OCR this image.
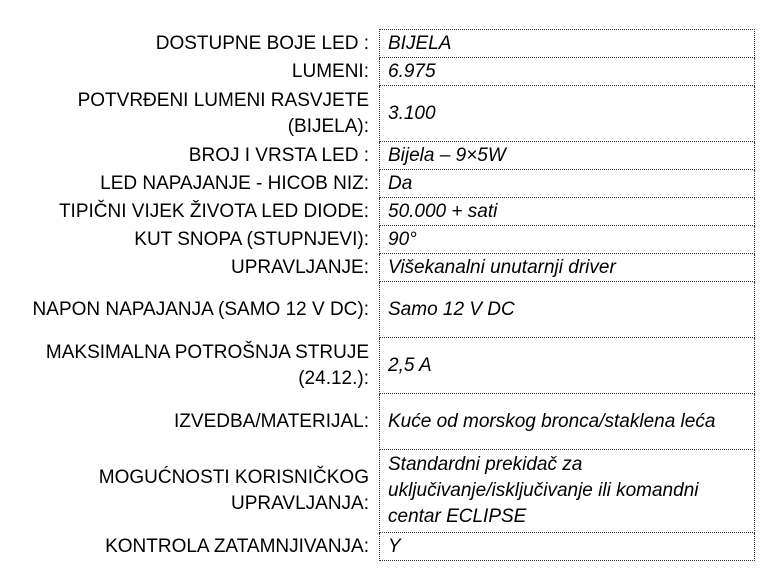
DOSTUPNE BOJE LED :	BIJELA
LUMENI:	6.975
POTVRĐENI LUMENI RASVJETE (BIJELA):	3.100
BROJ I VRSTA LED :	Bijela – 9×5W
LED NAPAJANJE - HICOB NIZ:	Da
TIPIČNI VIJEK ŽIVOTA LED DIODE:	50.000 + sati
KUT SNOPA (STUPNJEVI):	90°
UPRAVLJANJE:	Višekanalni unutarnji driver
NAPON NAPAJANJA (SAMO 12 V DC):	Samo 12 V DC
MAKSIMALNA POTROŠNJA STRUJE (24.12.):	2,5 A
IZVEDBA/MATERIJAL:	Kuće od morskog bronca/staklena leća
MOGUĆNOSTI KORISNIČKOG UPRAVLJANJA:	Standardni prekidač za uključivanje/isključivanje ili komandni centar ECLIPSE
KONTROLA ZATAMNJIVANJA:	Y
